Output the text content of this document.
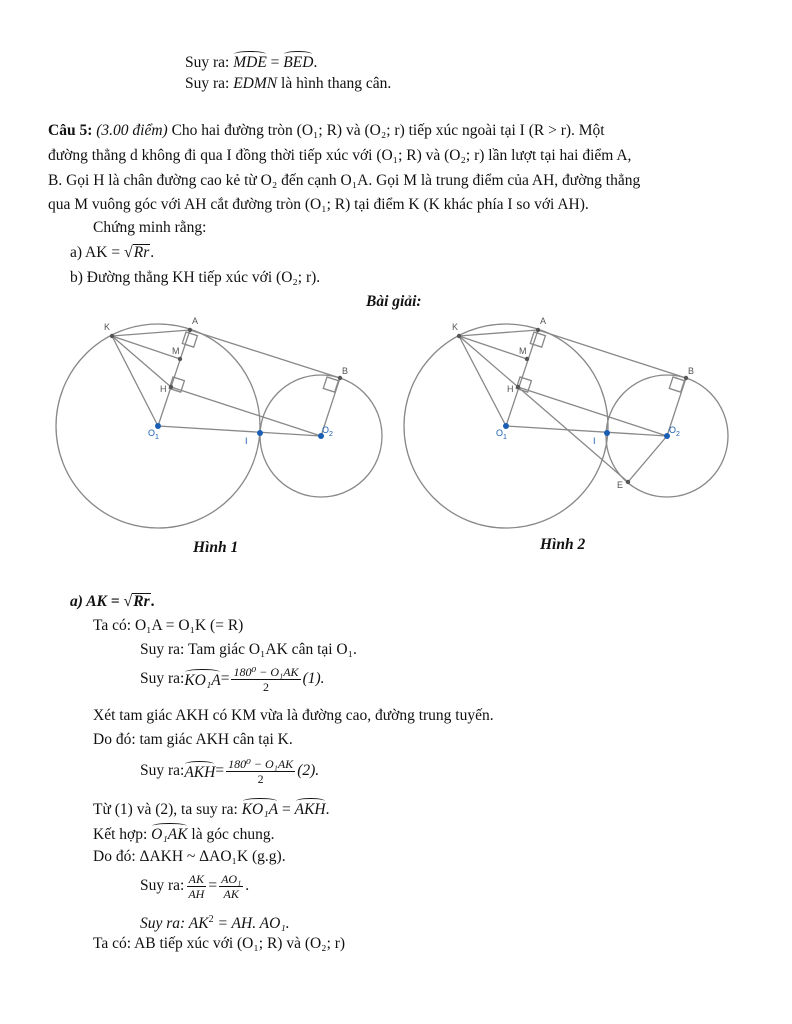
Suy ra: MDE = BED.
Suy ra: EDMN là hình thang cân.
Câu 5: (3.00 điểm) Cho hai đường tròn (O₁; R) và (O₂; r) tiếp xúc ngoài tại I (R > r). Một
đường thẳng d không đi qua I đồng thời tiếp xúc với (O₁; R) và (O₂; r) lần lượt tại hai điểm A,
B. Gọi H là chân đường cao kẻ từ O₂ đến cạnh O₁A. Gọi M là trung điểm của AH, đường thẳng
qua M vuông góc với AH cắt đường tròn (O₁; R) tại điểm K (K khác phía I so với AH).
Chứng minh rằng:
a) AK = √Rr.
b) Đường thẳng KH tiếp xúc với (O₂; r).
Bài giải:
K
A
M
H
B
$O_1$	I
$O_2$
K
A
M
H
B
E
$O_1$	I
$O_2$
Hình 1	Hình 2
a) AK = √Rr.
Ta có: O₁A = O₁K (= R)
Suy ra: Tam giác O₁AK cân tại O₁.
Suy ra: $KO_1A = \frac{\text{180⁰ − O₁AK}}{2} (1)$.
Xét tam giác AKH có KM vừa là đường cao, đường trung tuyến.
Do đó: tam giác AKH cân tại K.
Suy ra: AKH = $\frac{\text{180⁰ − O₁AK}}{2} (2)$.
Từ (1) và (2), ta suy ra: KO₁A = AKH.
Kết hợp: O₁AK là góc chung.
Do đó: ΔAKH ~ ΔAO₁K (g.g).
Suy ra: $\frac{AK}{AH} = \frac{\text{AO₁}}{AK}$ .
Suy ra: $AK^2$ = AH. AO₁.
Ta có: AB tiếp xúc với (O₁; R) và (O₂; r)
